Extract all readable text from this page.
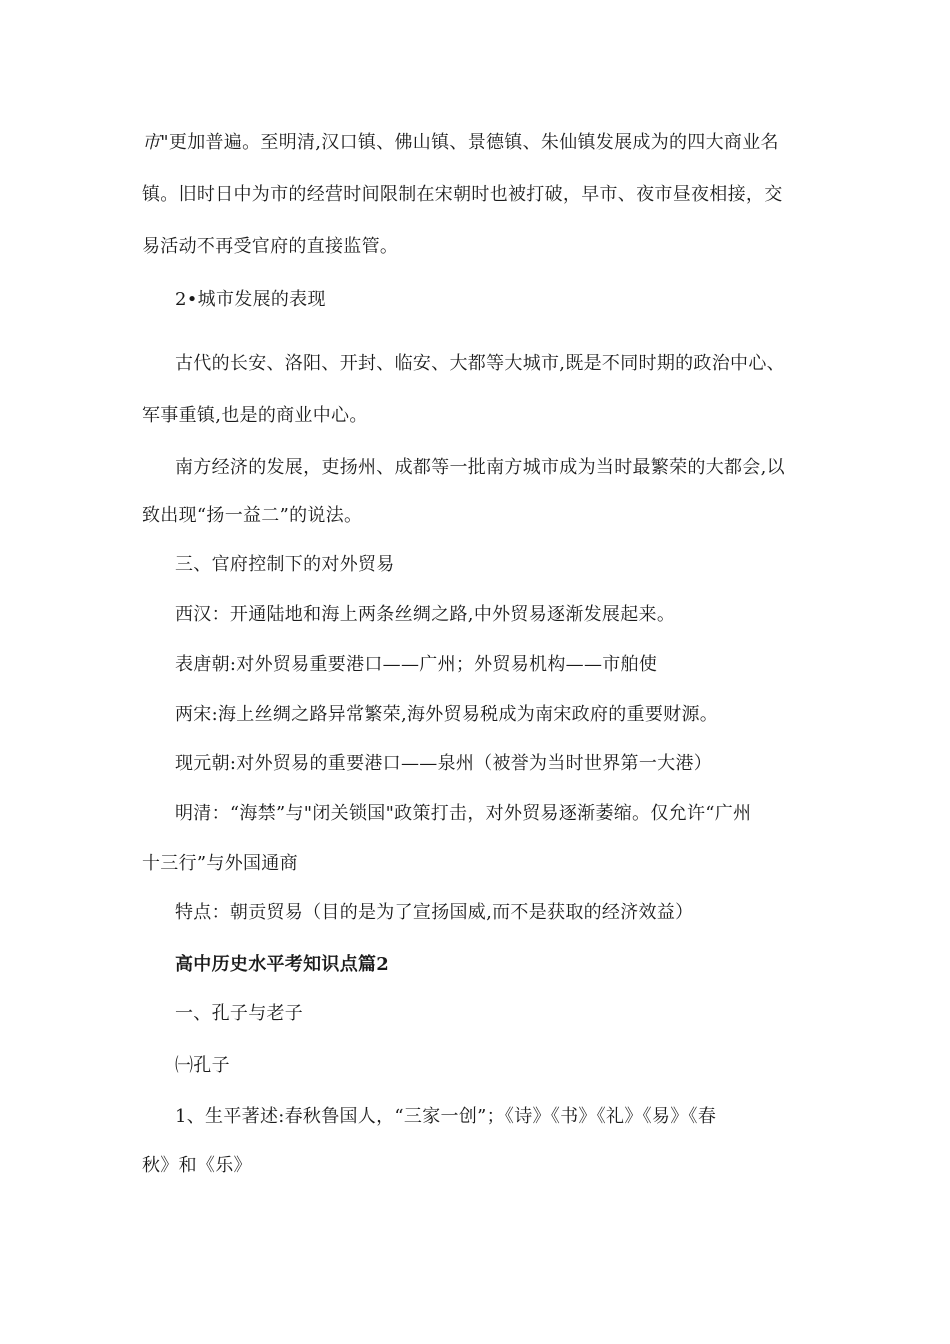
市"更加普遍。至明清,汉口镇、佛山镇、景德镇、朱仙镇发展成为的四大商业名
镇。旧时日中为市的经营时间限制在宋朝时也被打破，早市、夜市昼夜相接，交
易活动不再受官府的直接监管。
2•城市发展的表现
古代的长安、洛阳、开封、临安、大都等大城市,既是不同时期的政治中心、
军事重镇,也是的商业中心。
南方经济的发展，吏扬州、成都等一批南方城市成为当时最繁荣的大都会,以
致出现“扬一益二”的说法。
三、官府控制下的对外贸易
西汉：开通陆地和海上两条丝绸之路,中外贸易逐渐发展起来。
表唐朝:对外贸易重要港口——广州；外贸易机构——市舶使
两宋:海上丝绸之路异常繁荣,海外贸易税成为南宋政府的重要财源。
现元朝:对外贸易的重要港口——泉州（被誉为当时世界第一大港）
明清：“海禁”与"闭关锁国"政策打击，对外贸易逐渐萎缩。仅允许“广州
十三行”与外国通商
特点：朝贡贸易（目的是为了宣扬国威,而不是获取的经济效益）
高中历史水平考知识点篇2
一、孔子与老子
㈠孔子
1、生平著述:春秋鲁国人，“三家一创”；《诗》《书》《礼》《易》《春
秋》和《乐》
